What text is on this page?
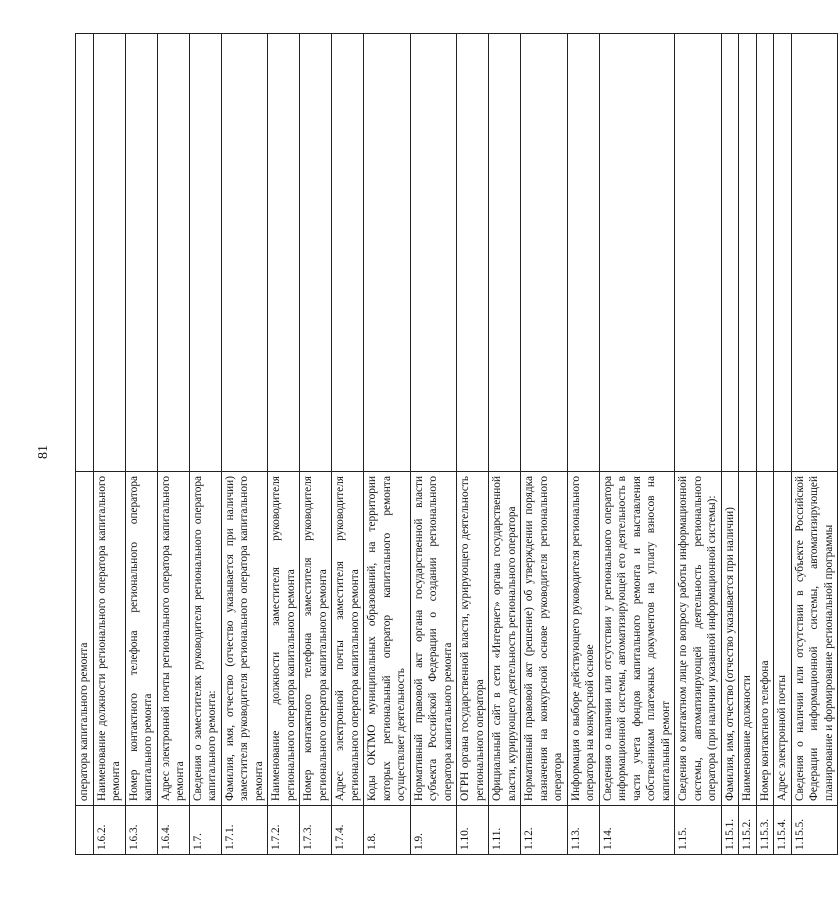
81
	оператора капитального ремонта	
1.6.2.	Наименование должности регионального оператора капитального ремонта	
1.6.3.	Номер контактного телефона регионального оператора капитального ремонта	
1.6.4.	Адрес электронной почты регионального оператора капитального ремонта	
1.7.	Сведения о заместителях руководителя регионального оператора капитального ремонта:	
1.7.1.	Фамилия, имя, отчество (отчество указывается при наличии) заместителя руководителя регионального оператора капитального ремонта	
1.7.2.	Наименование должности заместителя руководителя регионального оператора капитального ремонта	
1.7.3.	Номер контактного телефона заместителя руководителя регионального оператора капитального ремонта	
1.7.4.	Адрес электронной почты заместителя руководителя регионального оператора капитального ремонта	
1.8.	Коды ОКТМО муниципальных образований, на территории которых региональный оператор капитального ремонта осуществляет деятельность	
1.9.	Нормативный правовой акт органа государственной власти субъекта Российской Федерации о создании регионального оператора капитального ремонта	
1.10.	ОГРН органа государственной власти, курирующего деятельность регионального оператора	
1.11.	Официальный сайт в сети «Интернет» органа государственной власти, курирующего деятельность регионального оператора	
1.12.	Нормативный правовой акт (решение) об утверждении порядка назначения на конкурсной основе руководителя регионального оператора	
1.13.	Информация о выборе действующего руководителя регионального оператора на конкурсной основе	
1.14.	Сведения о наличии или отсутствии у регионального оператора информационной системы, автоматизирующей его деятельность в части учета фондов капитального ремонта и выставления собственникам платежных документов на уплату взносов на капитальный ремонт	
1.15.	Сведения о контактном лице по вопросу работы информационной системы, автоматизирующей деятельность регионального оператора (при наличии указанной информационной системы):	
1.15.1.	Фамилия, имя, отчество (отчество указывается при наличии)	
1.15.2.	Наименование должности	
1.15.3.	Номер контактного телефона	
1.15.4.	Адрес электронной почты	
1.15.5.	Сведения о наличии или отсутствии в субъекте Российской Федерации информационной системы, автоматизирующей планирование и формирование региональной программы	
